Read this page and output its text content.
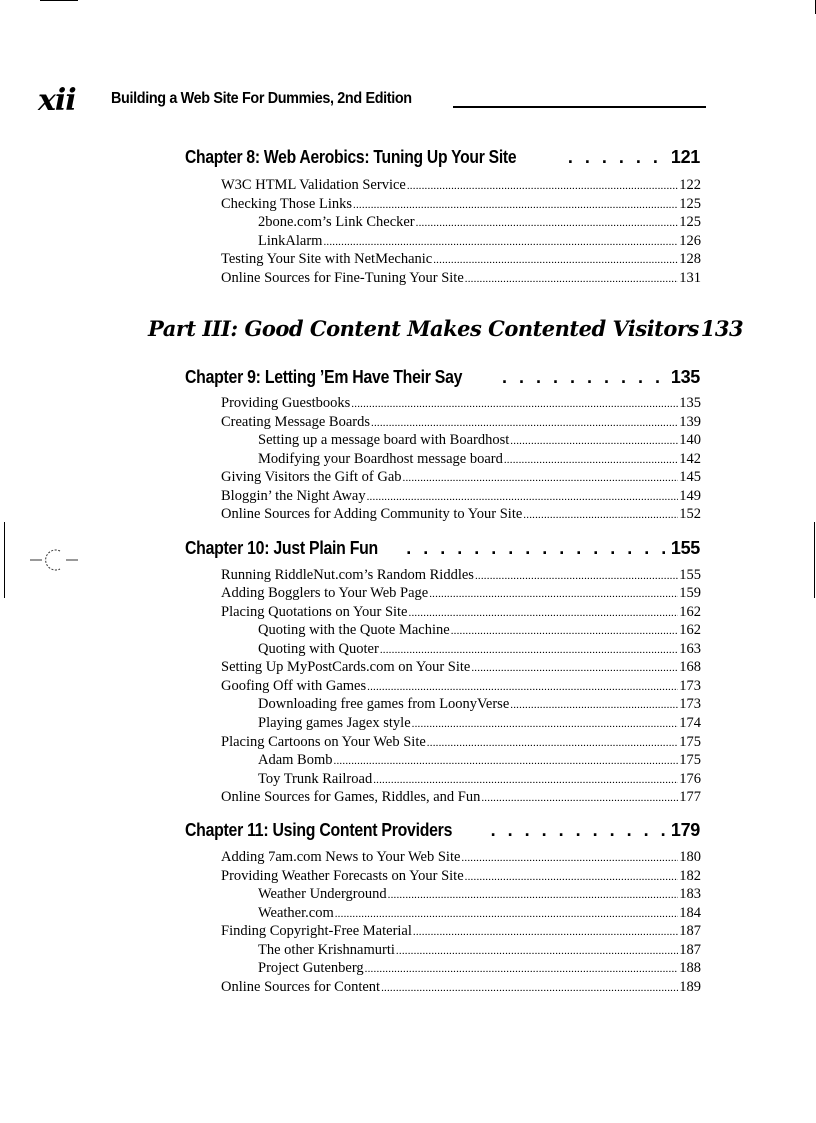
xii Building a Web Site For Dummies, 2nd Edition
Chapter 8: Web Aerobics: Tuning Up Your Site . . .	121
W3C HTML Validation Service .....	122
Checking Those Links .....	125
2bone.com’s Link Checker .....	125
LinkAlarm .....	126
Testing Your Site with NetMechanic .....	128
Online Sources for Fine-Tuning Your Site .....	131
Part III: Good Content Makes Contented Visitors 133
Chapter 9: Letting ’Em Have Their Say . . .	135
Providing Guestbooks .....	135
Creating Message Boards .....	139
Setting up a message board with Boardhost .....	140
Modifying your Boardhost message board .....	142
Giving Visitors the Gift of Gab .....	145
Bloggin’ the Night Away .....	149
Online Sources for Adding Community to Your Site .....	152
Chapter 10: Just Plain Fun . . .	155
Running RiddleNut.com’s Random Riddles .....	155
Adding Bogglers to Your Web Page .....	159
Placing Quotations on Your Site .....	162
Quoting with the Quote Machine .....	162
Quoting with Quoter .....	163
Setting Up MyPostCards.com on Your Site .....	168
Goofing Off with Games .....	173
Downloading free games from LoonyVerse .....	173
Playing games Jagex style .....	174
Placing Cartoons on Your Web Site .....	175
Adam Bomb .....	175
Toy Trunk Railroad .....	176
Online Sources for Games, Riddles, and Fun .....	177
Chapter 11: Using Content Providers . . .	179
Adding 7am.com News to Your Web Site .....	180
Providing Weather Forecasts on Your Site .....	182
Weather Underground .....	183
Weather.com .....	184
Finding Copyright-Free Material .....	187
The other Krishnamurti .....	187
Project Gutenberg .....	188
Online Sources for Content .....	189
